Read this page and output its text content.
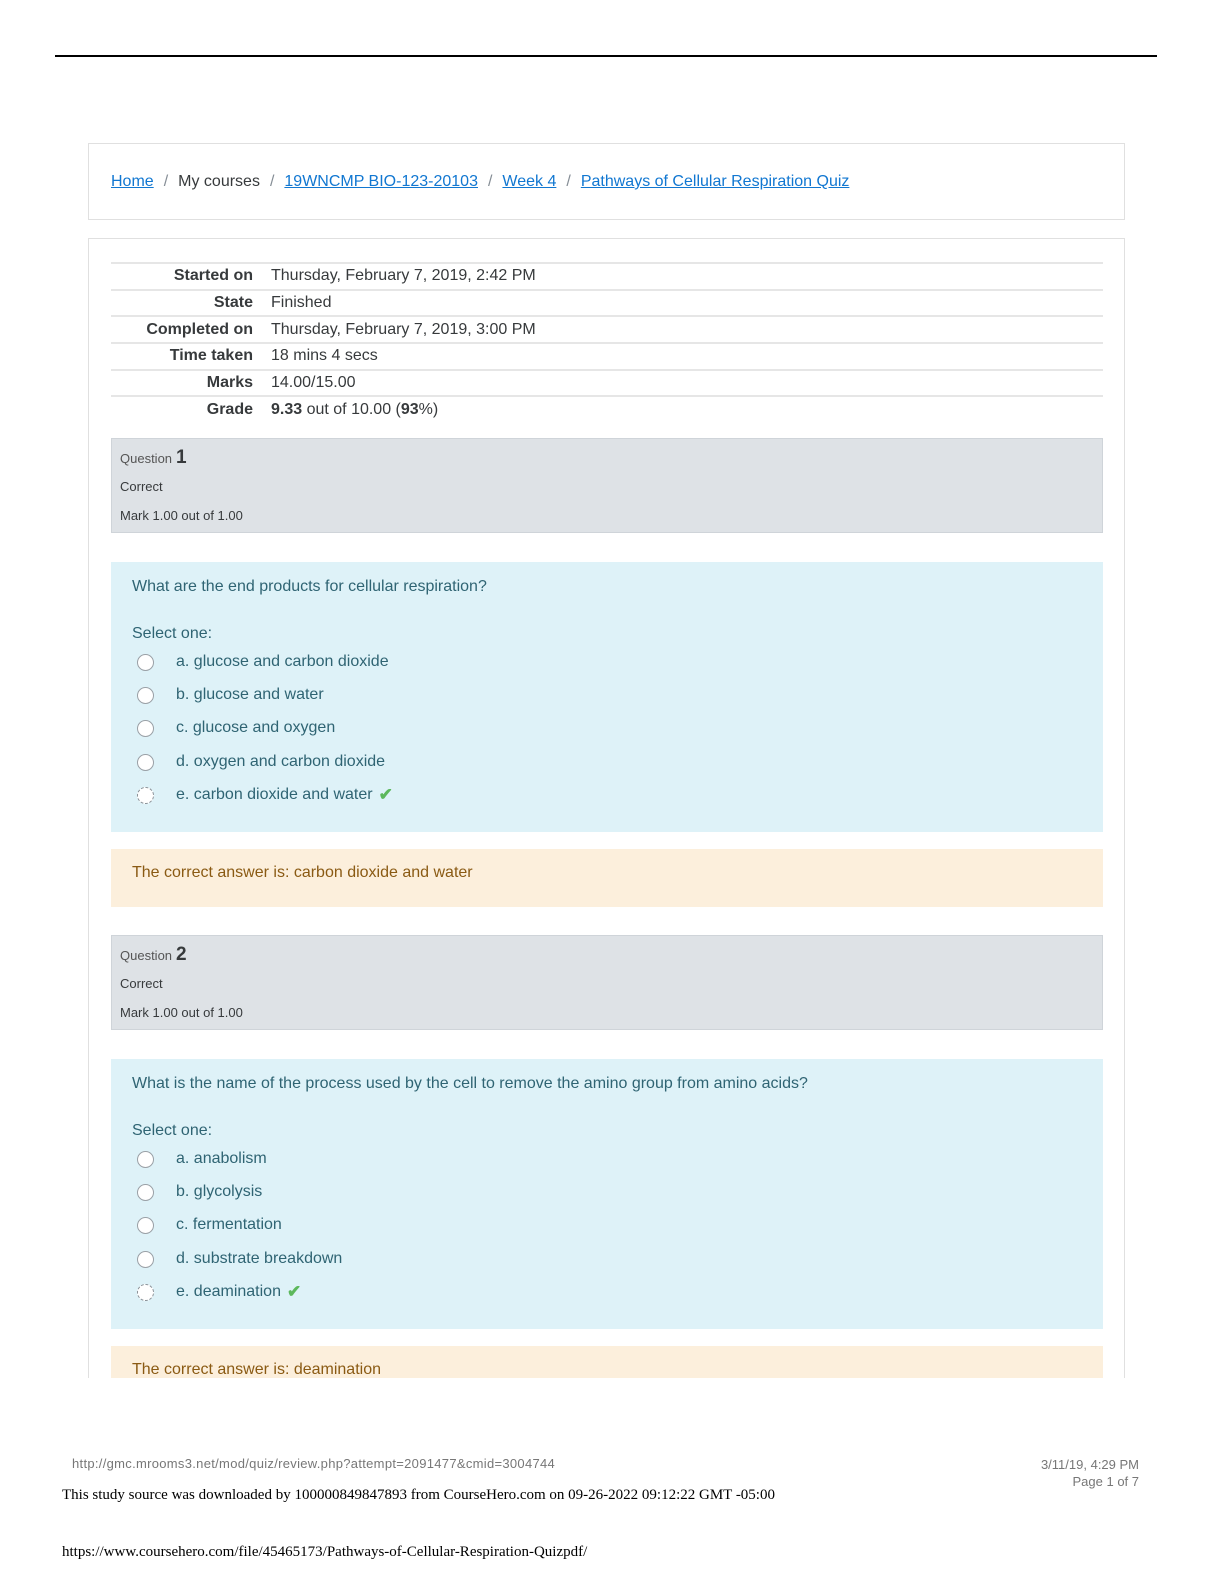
Home / My courses / 19WNCMP BIO-123-20103 / Week 4 / Pathways of Cellular Respiration Quiz
Started on	Thursday, February 7, 2019, 2:42 PM
State	Finished
Completed on	Thursday, February 7, 2019, 3:00 PM
Time taken	18 mins 4 secs
Marks	14.00/15.00
Grade	9.33 out of 10.00 (93%)
Question 1
Correct
Mark 1.00 out of 1.00
What are the end products for cellular respiration?
Select one:
a. glucose and carbon dioxide
b. glucose and water
c. glucose and oxygen
d. oxygen and carbon dioxide
e. carbon dioxide and water ✔
The correct answer is: carbon dioxide and water
Question 2
Correct
Mark 1.00 out of 1.00
What is the name of the process used by the cell to remove the amino group from amino acids?
Select one:
a. anabolism
b. glycolysis
c. fermentation
d. substrate breakdown
e. deamination ✔
The correct answer is: deamination
http://gmc.mrooms3.net/mod/quiz/review.php?attempt=2091477&cmid=3004744	3/11/19, 4:29 PM
Page 1 of 7
This study source was downloaded by 100000849847893 from CourseHero.com on 09-26-2022 09:12:22 GMT -05:00
https://www.coursehero.com/file/45465173/Pathways-of-Cellular-Respiration-Quizpdf/
